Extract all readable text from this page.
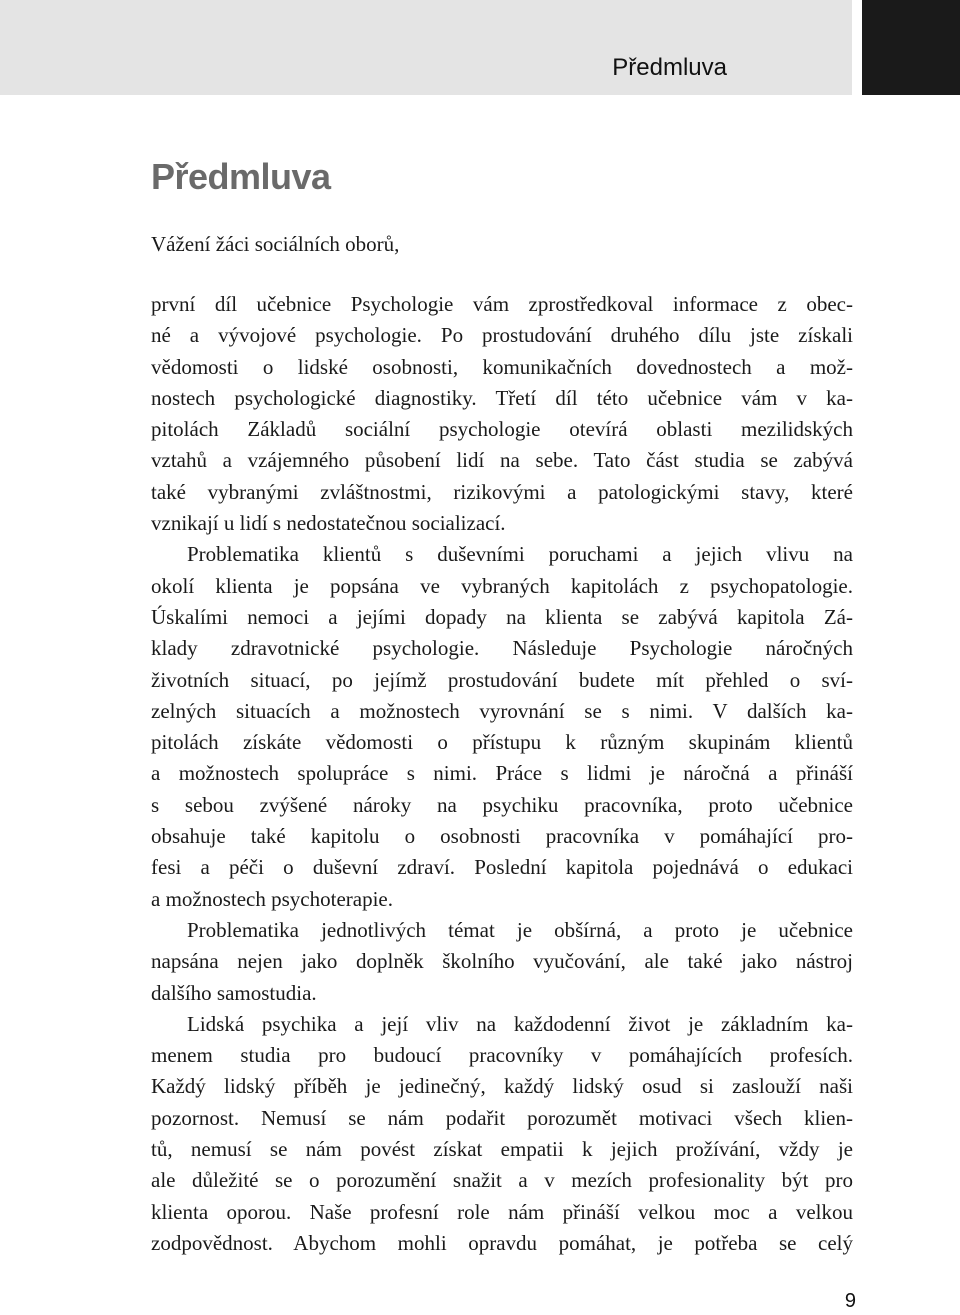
Předmluva
Předmluva

Vážení žáci sociálních oborů,

první díl učebnice Psychologie vám zprostředkoval informace z obec-
né a vývojové psychologie. Po prostudování druhého dílu jste získali
vědomosti o lidské osobnosti, komunikačních dovednostech a mož-
nostech psychologické diagnostiky. Třetí díl této učebnice vám v ka-
pitolách Základů sociální psychologie otevírá oblasti mezilidských
vztahů a vzájemného působení lidí na sebe. Tato část studia se zabývá
také vybranými zvláštnostmi, rizikovými a patologickými stavy, které
vznikají u lidí s nedostatečnou socializací.
Problematika klientů s duševními poruchami a jejich vlivu na
okolí klienta je popsána ve vybraných kapitolách z psychopatologie.
Úskalími nemoci a jejími dopady na klienta se zabývá kapitola Zá-
klady zdravotnické psychologie. Následuje Psychologie náročných
životních situací, po jejímž prostudování budete mít přehled o sví-
zelných situacích a možnostech vyrovnání se s nimi. V dalších ka-
pitolách získáte vědomosti o přístupu k různým skupinám klientů
a možnostech spolupráce s nimi. Práce s lidmi je náročná a přináší
s sebou zvýšené nároky na psychiku pracovníka, proto učebnice
obsahuje také kapitolu o osobnosti pracovníka v pomáhající pro-
fesi a péči o duševní zdraví. Poslední kapitola pojednává o edukaci
a možnostech psychoterapie.
Problematika jednotlivých témat je obšírná, a proto je učebnice
napsána nejen jako doplněk školního vyučování, ale také jako nástroj
dalšího samostudia.
Lidská psychika a její vliv na každodenní život je základním ka-
menem studia pro budoucí pracovníky v pomáhajících profesích.
Každý lidský příběh je jedinečný, každý lidský osud si zaslouží naši
pozornost. Nemusí se nám podařit porozumět motivaci všech klien-
tů, nemusí se nám povést získat empatii k jejich prožívání, vždy je
ale důležité se o porozumění snažit a v mezích profesionality být pro
klienta oporou. Naše profesní role nám přináší velkou moc a velkou
zodpovědnost. Abychom mohli opravdu pomáhat, je potřeba se celý
9
